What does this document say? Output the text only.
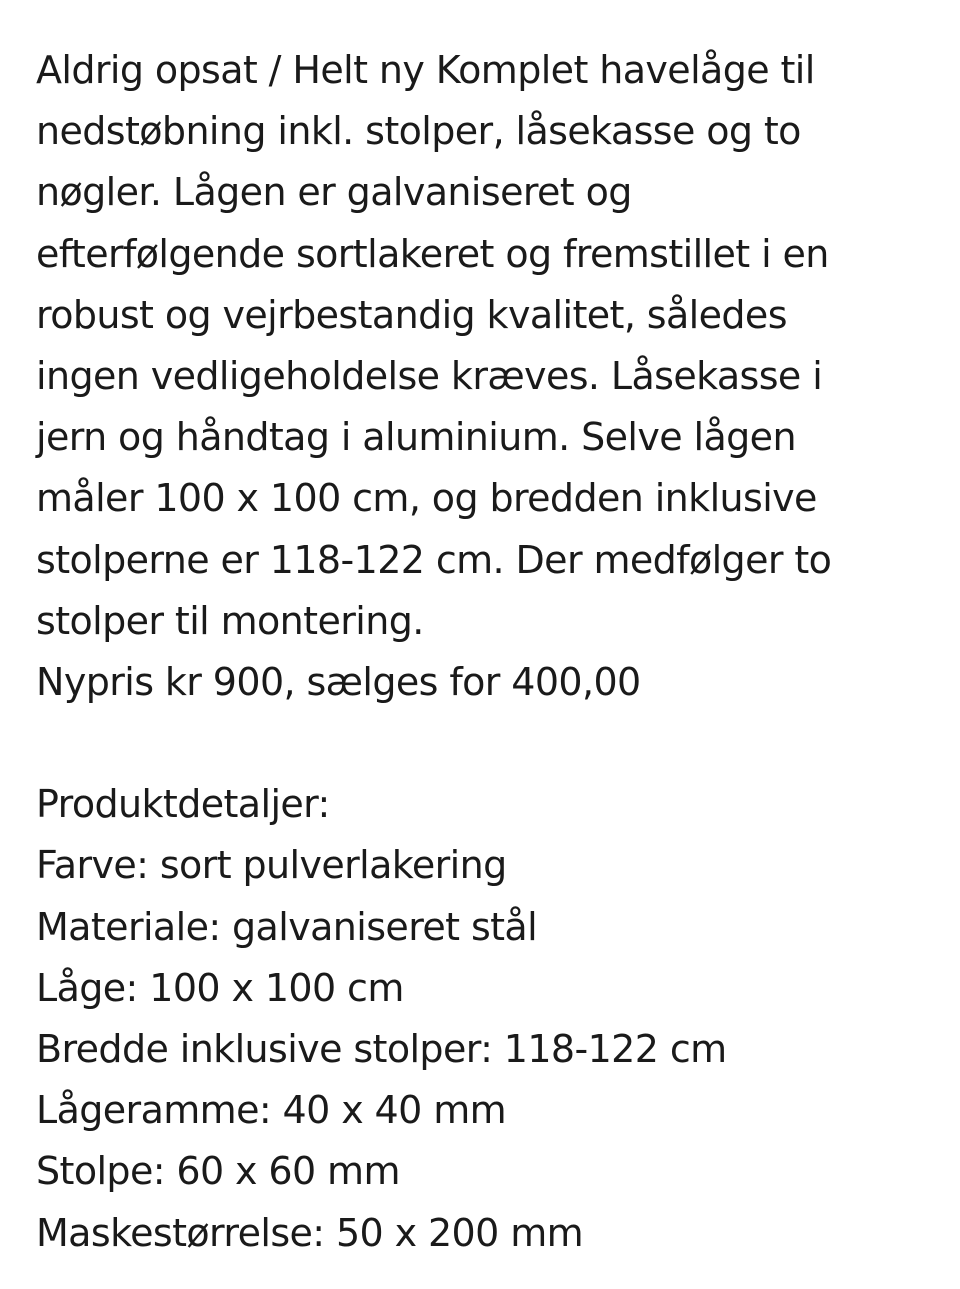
Aldrig opsat / Helt ny Komplet havelåge til
nedstøbning inkl. stolper, låsekasse og to
nøgler. Lågen er galvaniseret og
efterfølgende sortlakeret og fremstillet i en
robust og vejrbestandig kvalitet, således
ingen vedligeholdelse kræves. Låsekasse i
jern og håndtag i aluminium. Selve lågen
måler 100 x 100 cm, og bredden inklusive
stolperne er 118-122 cm. Der medfølger to
stolper til montering.
Nypris kr 900, sælges for 400,00
Produktdetaljer:
Farve: sort pulverlakering
Materiale: galvaniseret stål
Låge: 100 x 100 cm
Bredde inklusive stolper: 118-122 cm
Lågeramme: 40 x 40 mm
Stolpe: 60 x 60 mm
Maskestørrelse: 50 x 200 mm
